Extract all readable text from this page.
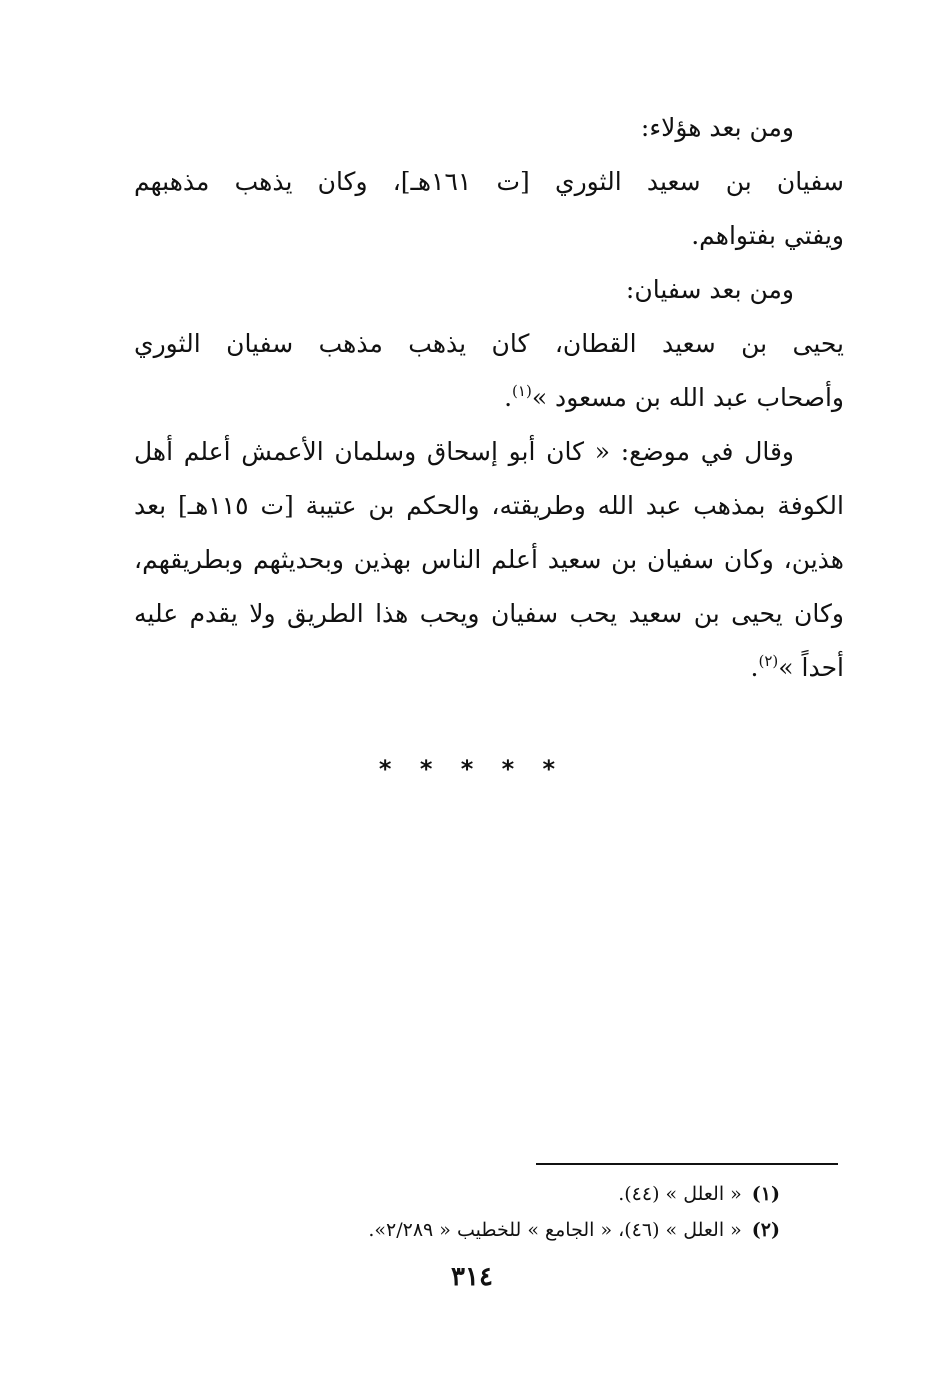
ومن بعد هؤلاء:
سفيان بن سعيد الثوري [ت ١٦١هـ]، وكان يذهب مذهبهم
ويفتي بفتواهم.
ومن بعد سفيان:
يحيى بن سعيد القطان، كان يذهب مذهب سفيان الثوري
وأصحاب عبد الله بن مسعود »$^{(١)}$.
وقال في موضع: « كان أبو إسحاق وسلمان الأعمش أعلم أهل
الكوفة بمذهب عبد الله وطريقته، والحكم بن عتيبة [ت ١١٥هـ] بعد
هذين، وكان سفيان بن سعيد أعلم الناس بهذين وبحديثهم وبطريقهم،
وكان يحيى بن سعيد يحب سفيان ويحب هذا الطريق ولا يقدم عليه
أحداً »$^{(٢)}$.
* * * * *
(١)« العلل » (٤٤).
(٢)« العلل » (٤٦)، « الجامع » للخطيب « ٢/٢٨٩».
٣١٤
